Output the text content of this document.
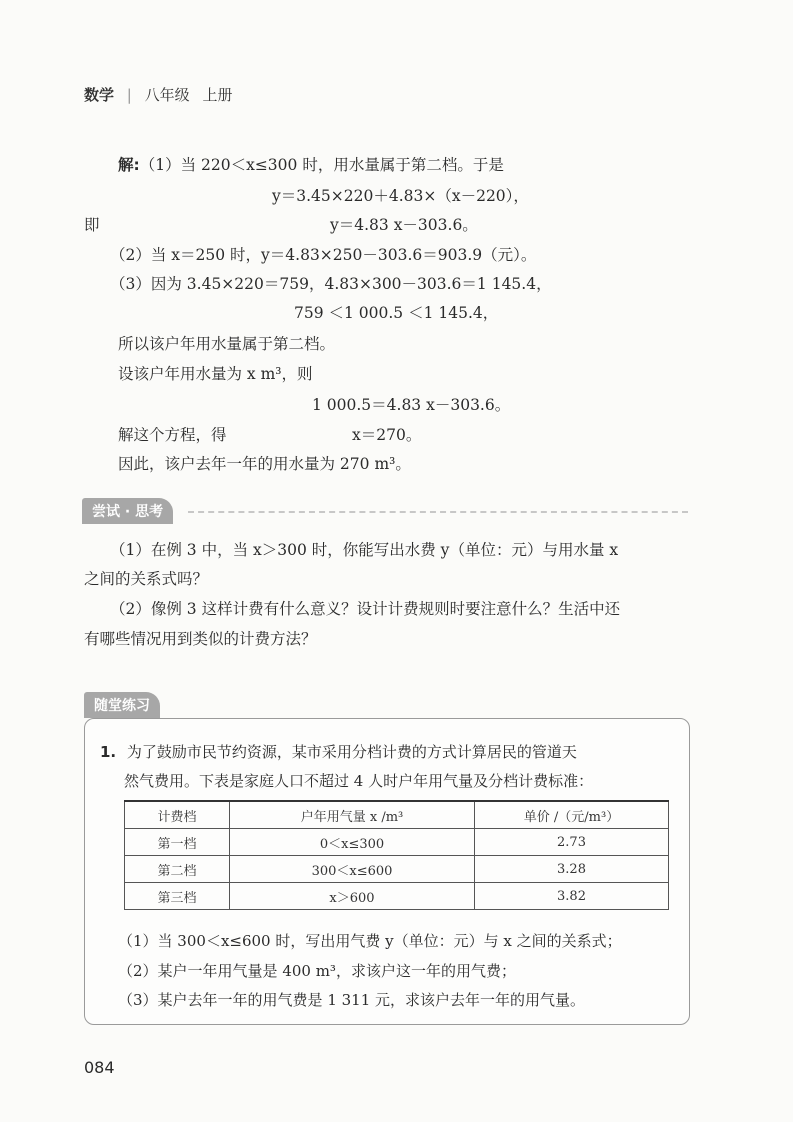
数学 | 八年级 上册
解:（1）当 220＜x≤300 时，用水量属于第二档。于是
y＝3.45×220＋4.83×（x－220），
即	y＝4.83 x－303.6。
（2）当 x＝250 时，y＝4.83×250－303.6＝903.9（元）。
（3）因为 3.45×220＝759，4.83×300－303.6＝1 145.4，
759 ＜1 000.5 ＜1 145.4，
所以该户年用水量属于第二档。
设该户年用水量为 x m³，则
1 000.5＝4.83 x－303.6。
解这个方程，得	x＝270。
因此，该户去年一年的用水量为 270 m³。
尝试 · 思考
（1）在例 3 中，当 x＞300 时，你能写出水费 y（单位：元）与用水量 x
之间的关系式吗？
（2）像例 3 这样计费有什么意义？设计计费规则时要注意什么？生活中还
有哪些情况用到类似的计费方法？
随堂练习
1. 为了鼓励市民节约资源，某市采用分档计费的方式计算居民的管道天
然气费用。下表是家庭人口不超过 4 人时户年用气量及分档计费标准：
计费档	户年用气量 x /m³	单价 /（元/m³）
第一档	0＜x≤300	2.73
第二档	300＜x≤600	3.28
第三档	x＞600	3.82
（1）当 300＜x≤600 时，写出用气费 y（单位：元）与 x 之间的关系式；
（2）某户一年用气量是 400 m³，求该户这一年的用气费；
（3）某户去年一年的用气费是 1 311 元，求该户去年一年的用气量。
084
